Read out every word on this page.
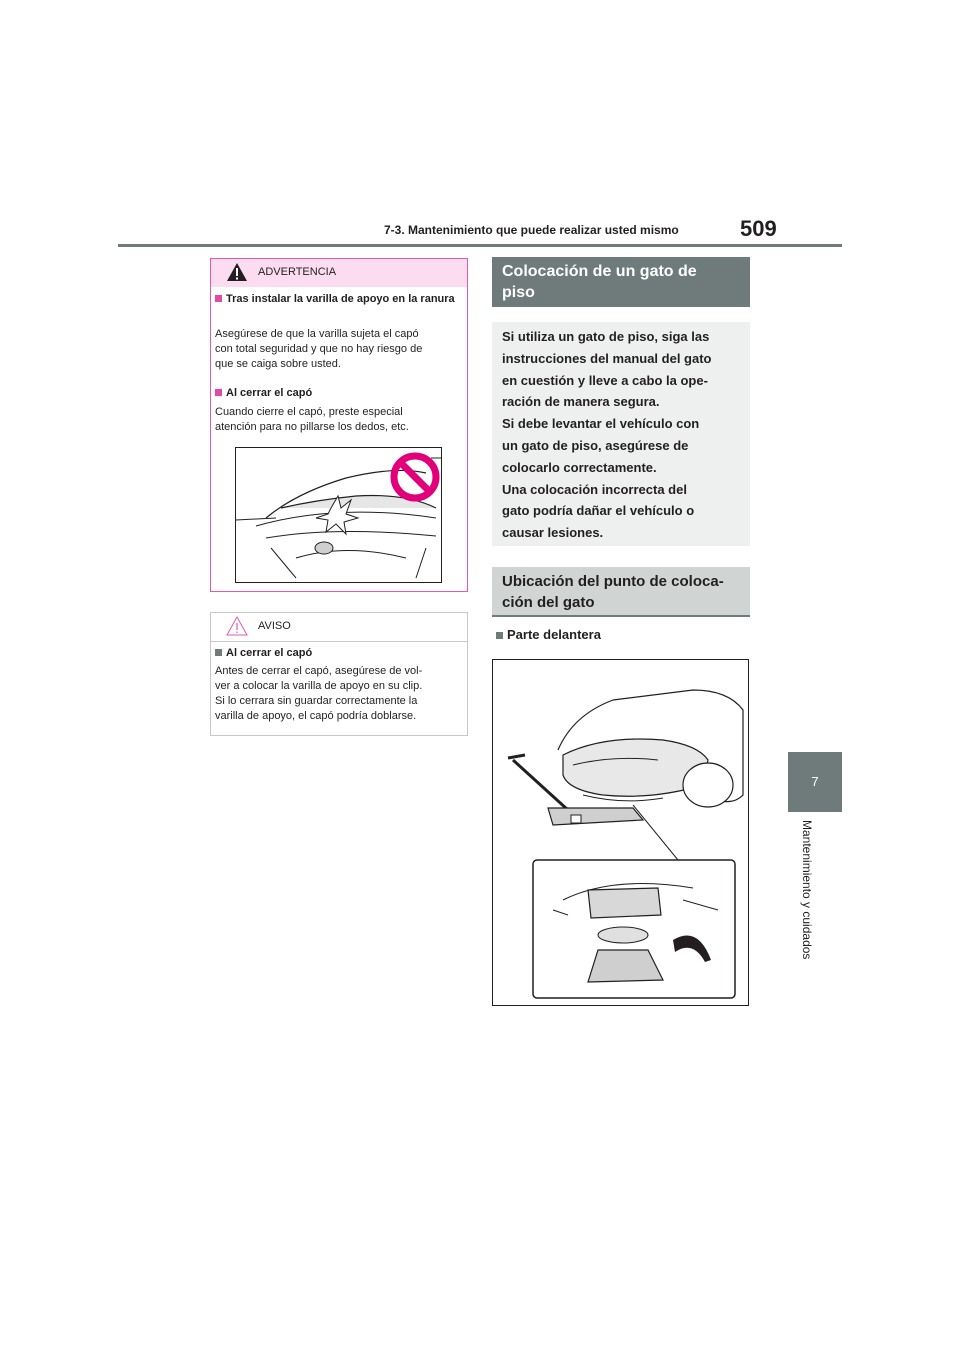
7-3. Mantenimiento que puede realizar usted mismo	509
7
Mantenimiento y cuidados
ADVERTENCIA
Tras instalar la varilla de apoyo en la ranura
Asegúrese de que la varilla sujeta el capó
con total seguridad y que no hay riesgo de
que se caiga sobre usted.
Al cerrar el capó
Cuando cierre el capó, preste especial
atención para no pillarse los dedos, etc.
AVISO
Al cerrar el capó
Antes de cerrar el capó, asegúrese de vol-
ver a colocar la varilla de apoyo en su clip.
Si lo cerrara sin guardar correctamente la
varilla de apoyo, el capó podría doblarse.
Colocación de un gato de
piso
Si utiliza un gato de piso, siga las
instrucciones del manual del gato
en cuestión y lleve a cabo la ope-
ración de manera segura.
Si debe levantar el vehículo con
un gato de piso, asegúrese de
colocarlo correctamente.
Una colocación incorrecta del
gato podría dañar el vehículo o
causar lesiones.
Ubicación del punto de coloca-
ción del gato
Parte delantera
